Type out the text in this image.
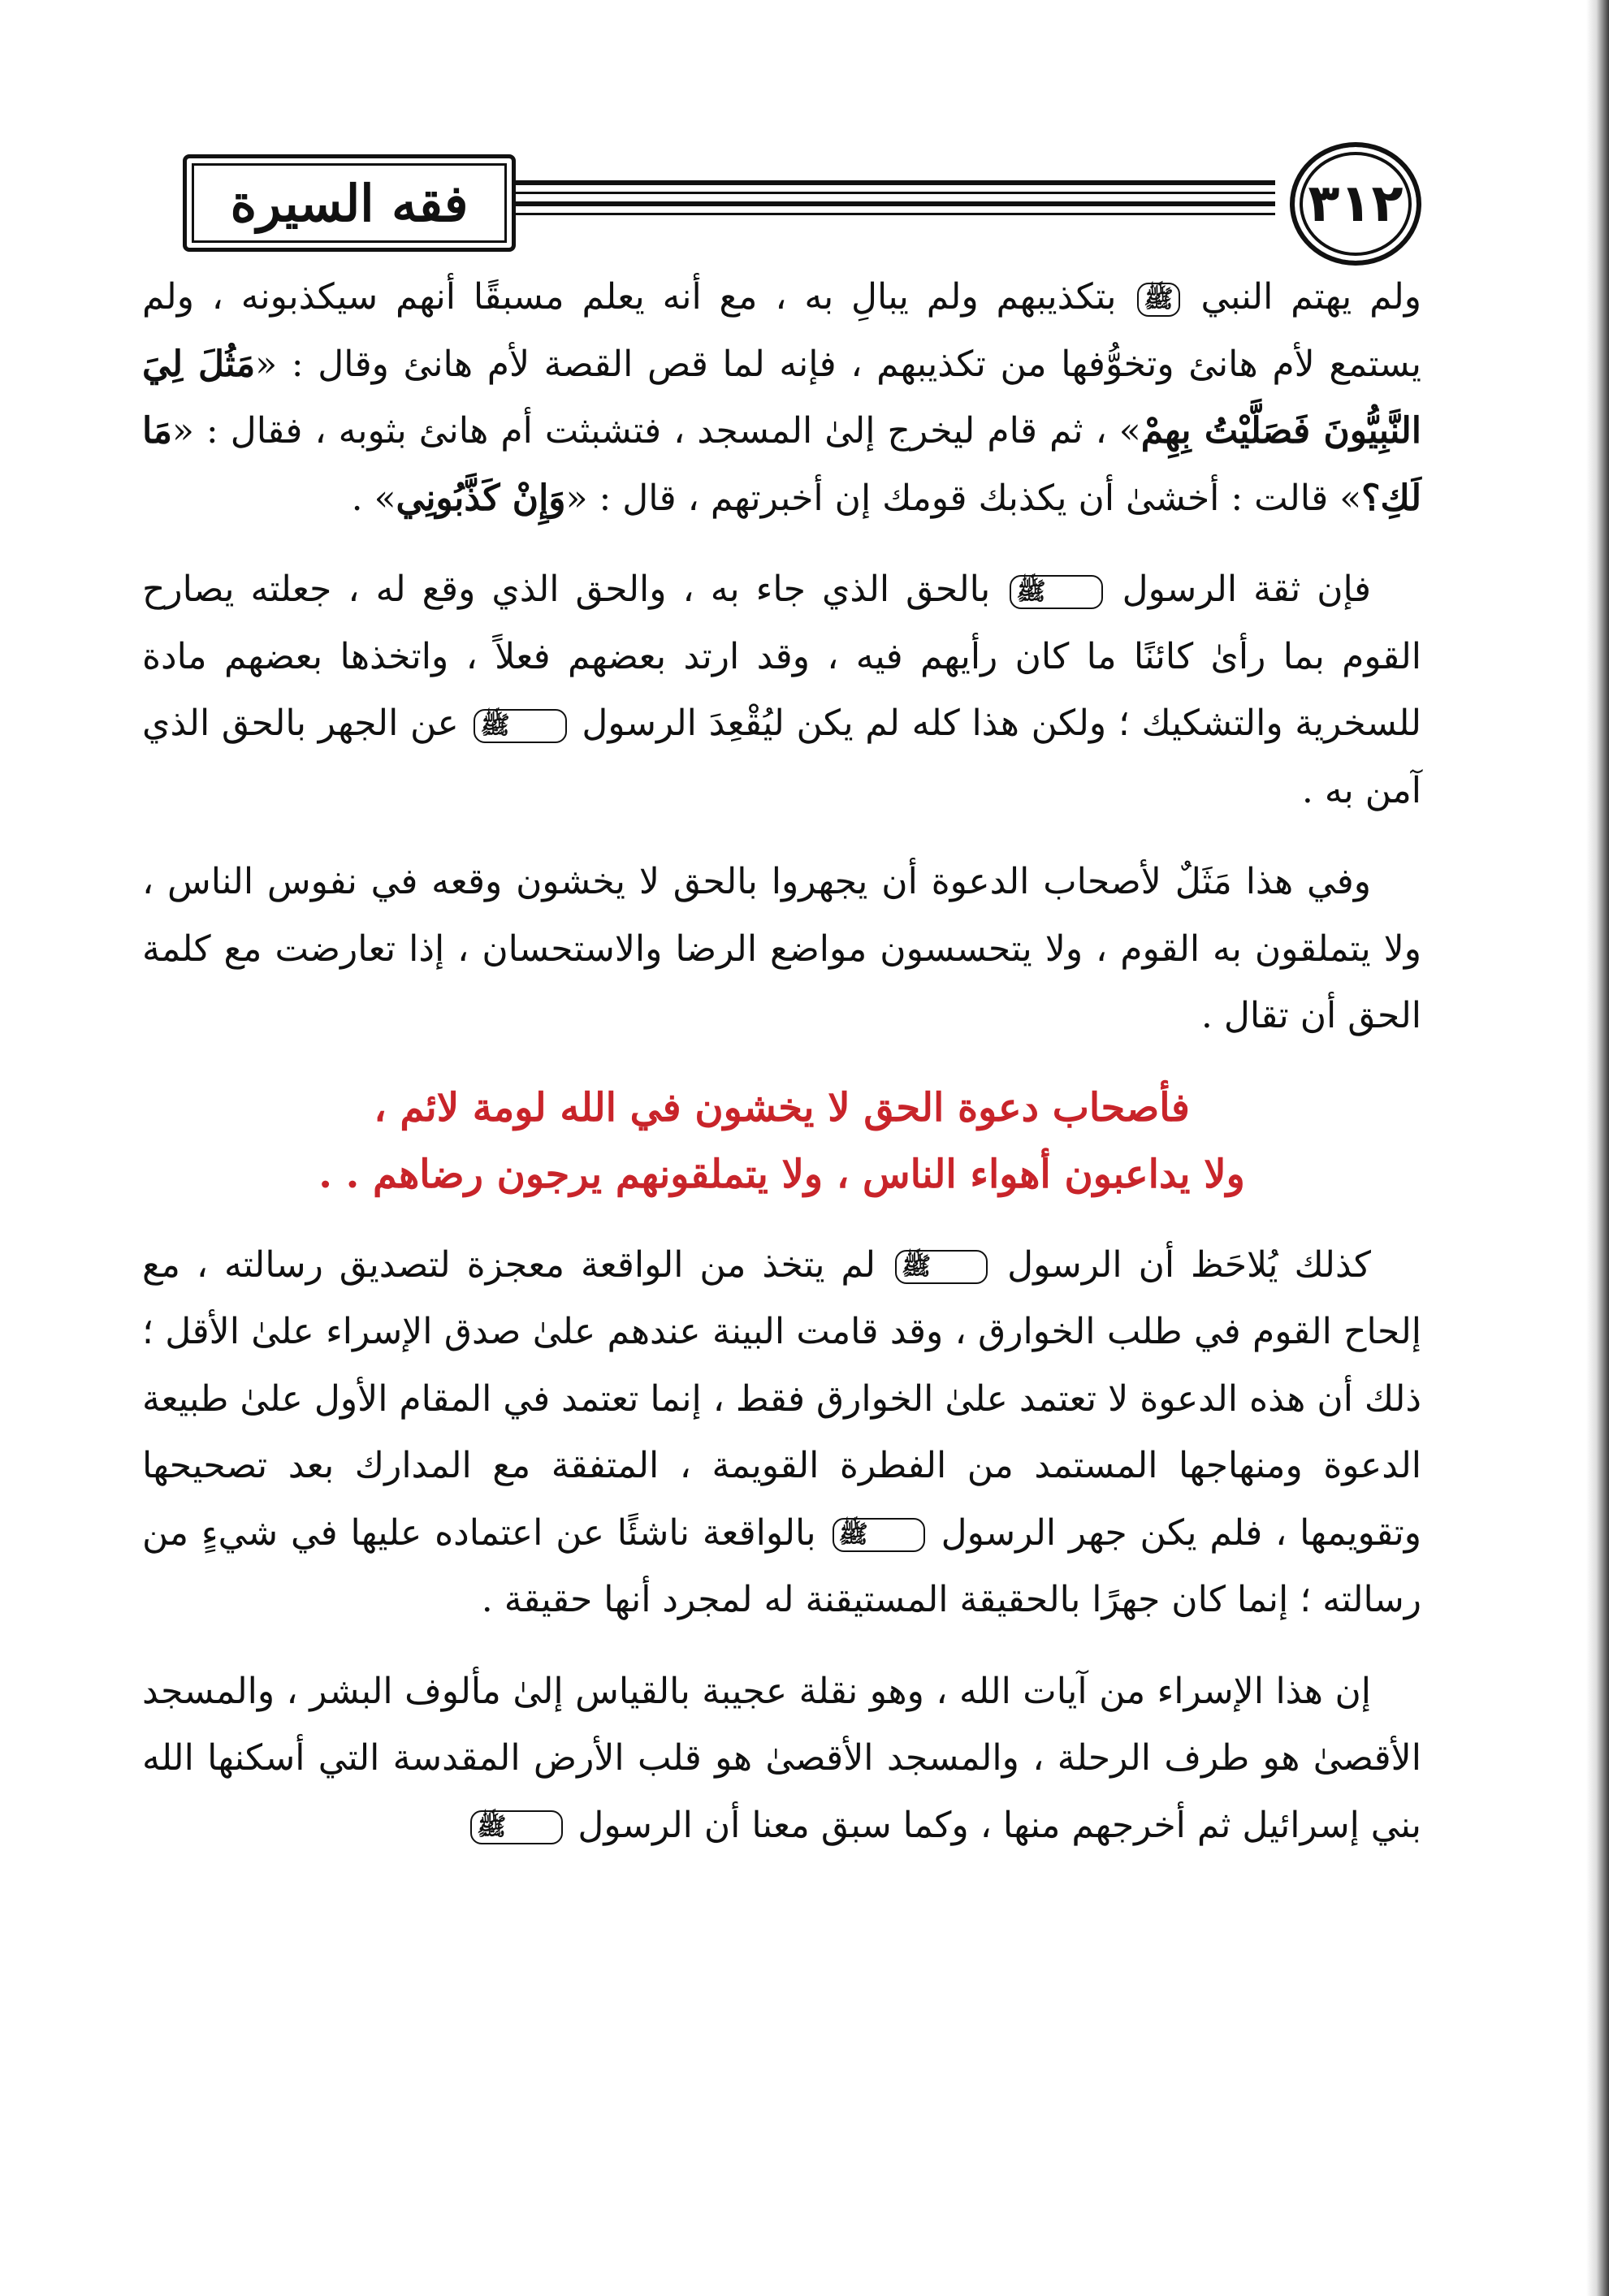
فقه السيرة	٣١٢

ولم يهتم النبي ﷺ بتكذيبهم ولم يبالِ به ، مع أنه يعلم مسبقًا أنهم سيكذبونه ، ولم يستمع لأم هانئ وتخوُّفها من تكذيبهم ، فإنه لما قص القصة لأم هانئ وقال : «مَثُلَ لِيَ النَّبِيُّونَ فَصَلَّيْتُ بِهِمْ» ، ثم قام ليخرج إلىٰ المسجد ، فتشبثت أم هانئ بثوبه ، فقال : «مَا لَكِ؟» قالت : أخشىٰ أن يكذبك قومك إن أخبرتهم ، قال : «وَإِنْ كَذَّبُونِي» .

فإن ثقة الرسول ﷺ بالحق الذي جاء به ، والحق الذي وقع له ، جعلته يصارح القوم بما رأىٰ كائنًا ما كان رأيهم فيه ، وقد ارتد بعضهم فعلاً ، واتخذها بعضهم مادة للسخرية والتشكيك ؛ ولكن هذا كله لم يكن ليُقْعِدَ الرسول ﷺ عن الجهر بالحق الذي آمن به .

وفي هذا مَثَلٌ لأصحاب الدعوة أن يجهروا بالحق لا يخشون وقعه في نفوس الناس ، ولا يتملقون به القوم ، ولا يتحسسون مواضع الرضا والاستحسان ، إذا تعارضت مع كلمة الحق أن تقال .

فأصحاب دعوة الحق لا يخشون في الله لومة لائم ،
ولا يداعبون أهواء الناس ، ولا يتملقونهم يرجون رضاهم . .

كذلك يُلاحَظ أن الرسول ﷺ لم يتخذ من الواقعة معجزة لتصديق رسالته ، مع إلحاح القوم في طلب الخوارق ، وقد قامت البينة عندهم علىٰ صدق الإسراء علىٰ الأقل ؛ ذلك أن هذه الدعوة لا تعتمد علىٰ الخوارق فقط ، إنما تعتمد في المقام الأول علىٰ طبيعة الدعوة ومنهاجها المستمد من الفطرة القويمة ، المتفقة مع المدارك بعد تصحيحها وتقويمها ، فلم يكن جهر الرسول ﷺ بالواقعة ناشئًا عن اعتماده عليها في شيءٍ من رسالته ؛ إنما كان جهرًا بالحقيقة المستيقنة له لمجرد أنها حقيقة .

إن هذا الإسراء من آيات الله ، وهو نقلة عجيبة بالقياس إلىٰ مألوف البشر ، والمسجد الأقصىٰ هو طرف الرحلة ، والمسجد الأقصىٰ هو قلب الأرض المقدسة التي أسكنها الله بني إسرائيل ثم أخرجهم منها ، وكما سبق معنا أن الرسول ﷺ
